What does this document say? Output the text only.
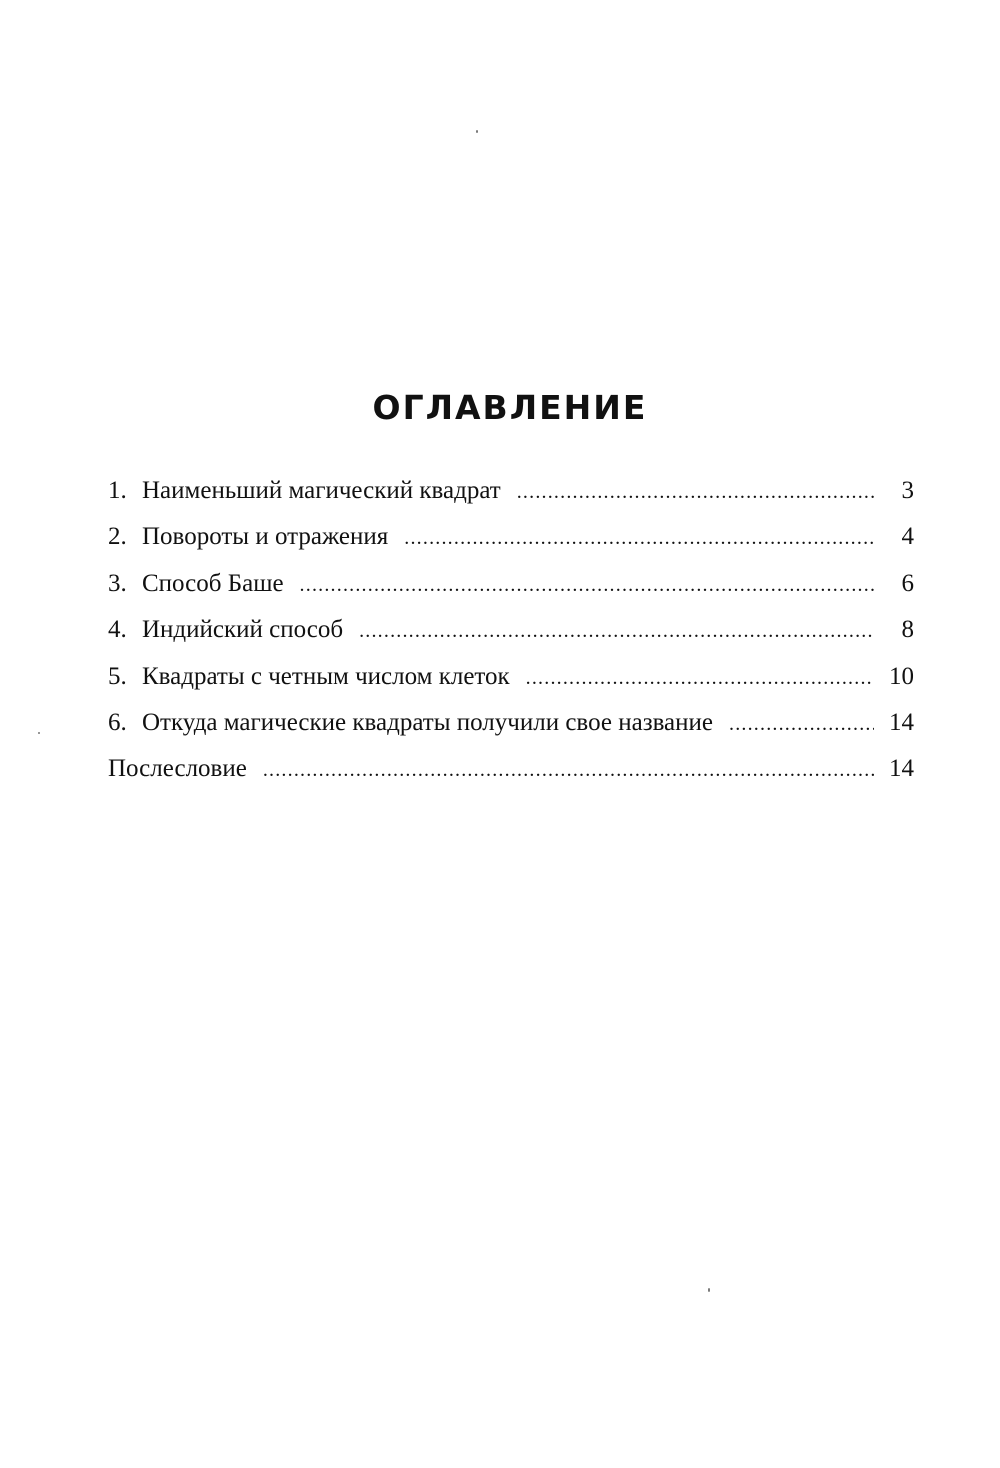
ОГЛАВЛЕНИЕ
1. Наименьший магический квадрат .....	3
2. Повороты и отражения .....	4
3. Способ Баше .....	6
4. Индийский способ .....	8
5. Квадраты с четным числом клеток .....	10
6. Откуда магические квадраты получили свое название .....	14
Послесловие .....	14
